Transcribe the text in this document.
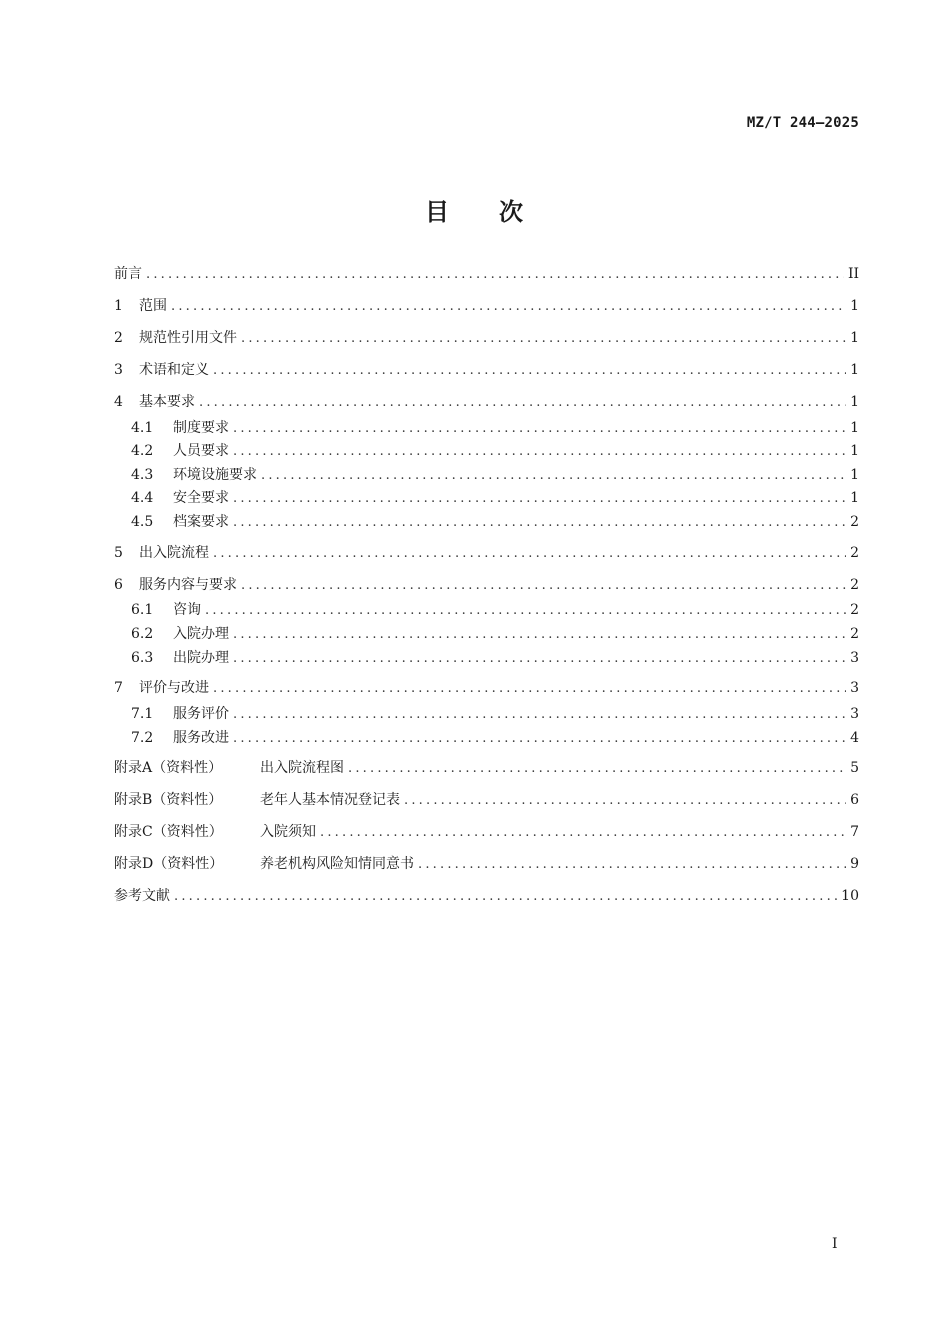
MZ/T 244—2025
目 次
前言 .....	II
1	范围 .....	1
2	规范性引用文件 .....	1
3	术语和定义 .....	1
4	基本要求 .....	1
4.1	制度要求 .....	1
4.2	人员要求 .....	1
4.3	环境设施要求 .....	1
4.4	安全要求 .....	1
4.5	档案要求 .....	2
5	出入院流程 .....	2
6	服务内容与要求 .....	2
6.1	咨询 .....	2
6.2	入院办理 .....	2
6.3	出院办理 .....	3
7	评价与改进 .....	3
7.1	服务评价 .....	3
7.2	服务改进 .....	4
附录A（资料性）	出入院流程图 .....	5
附录B（资料性）	老年人基本情况登记表 .....	6
附录C（资料性）	入院须知 .....	7
附录D（资料性）	养老机构风险知情同意书 .....	9
参考文献 .....	10
I
